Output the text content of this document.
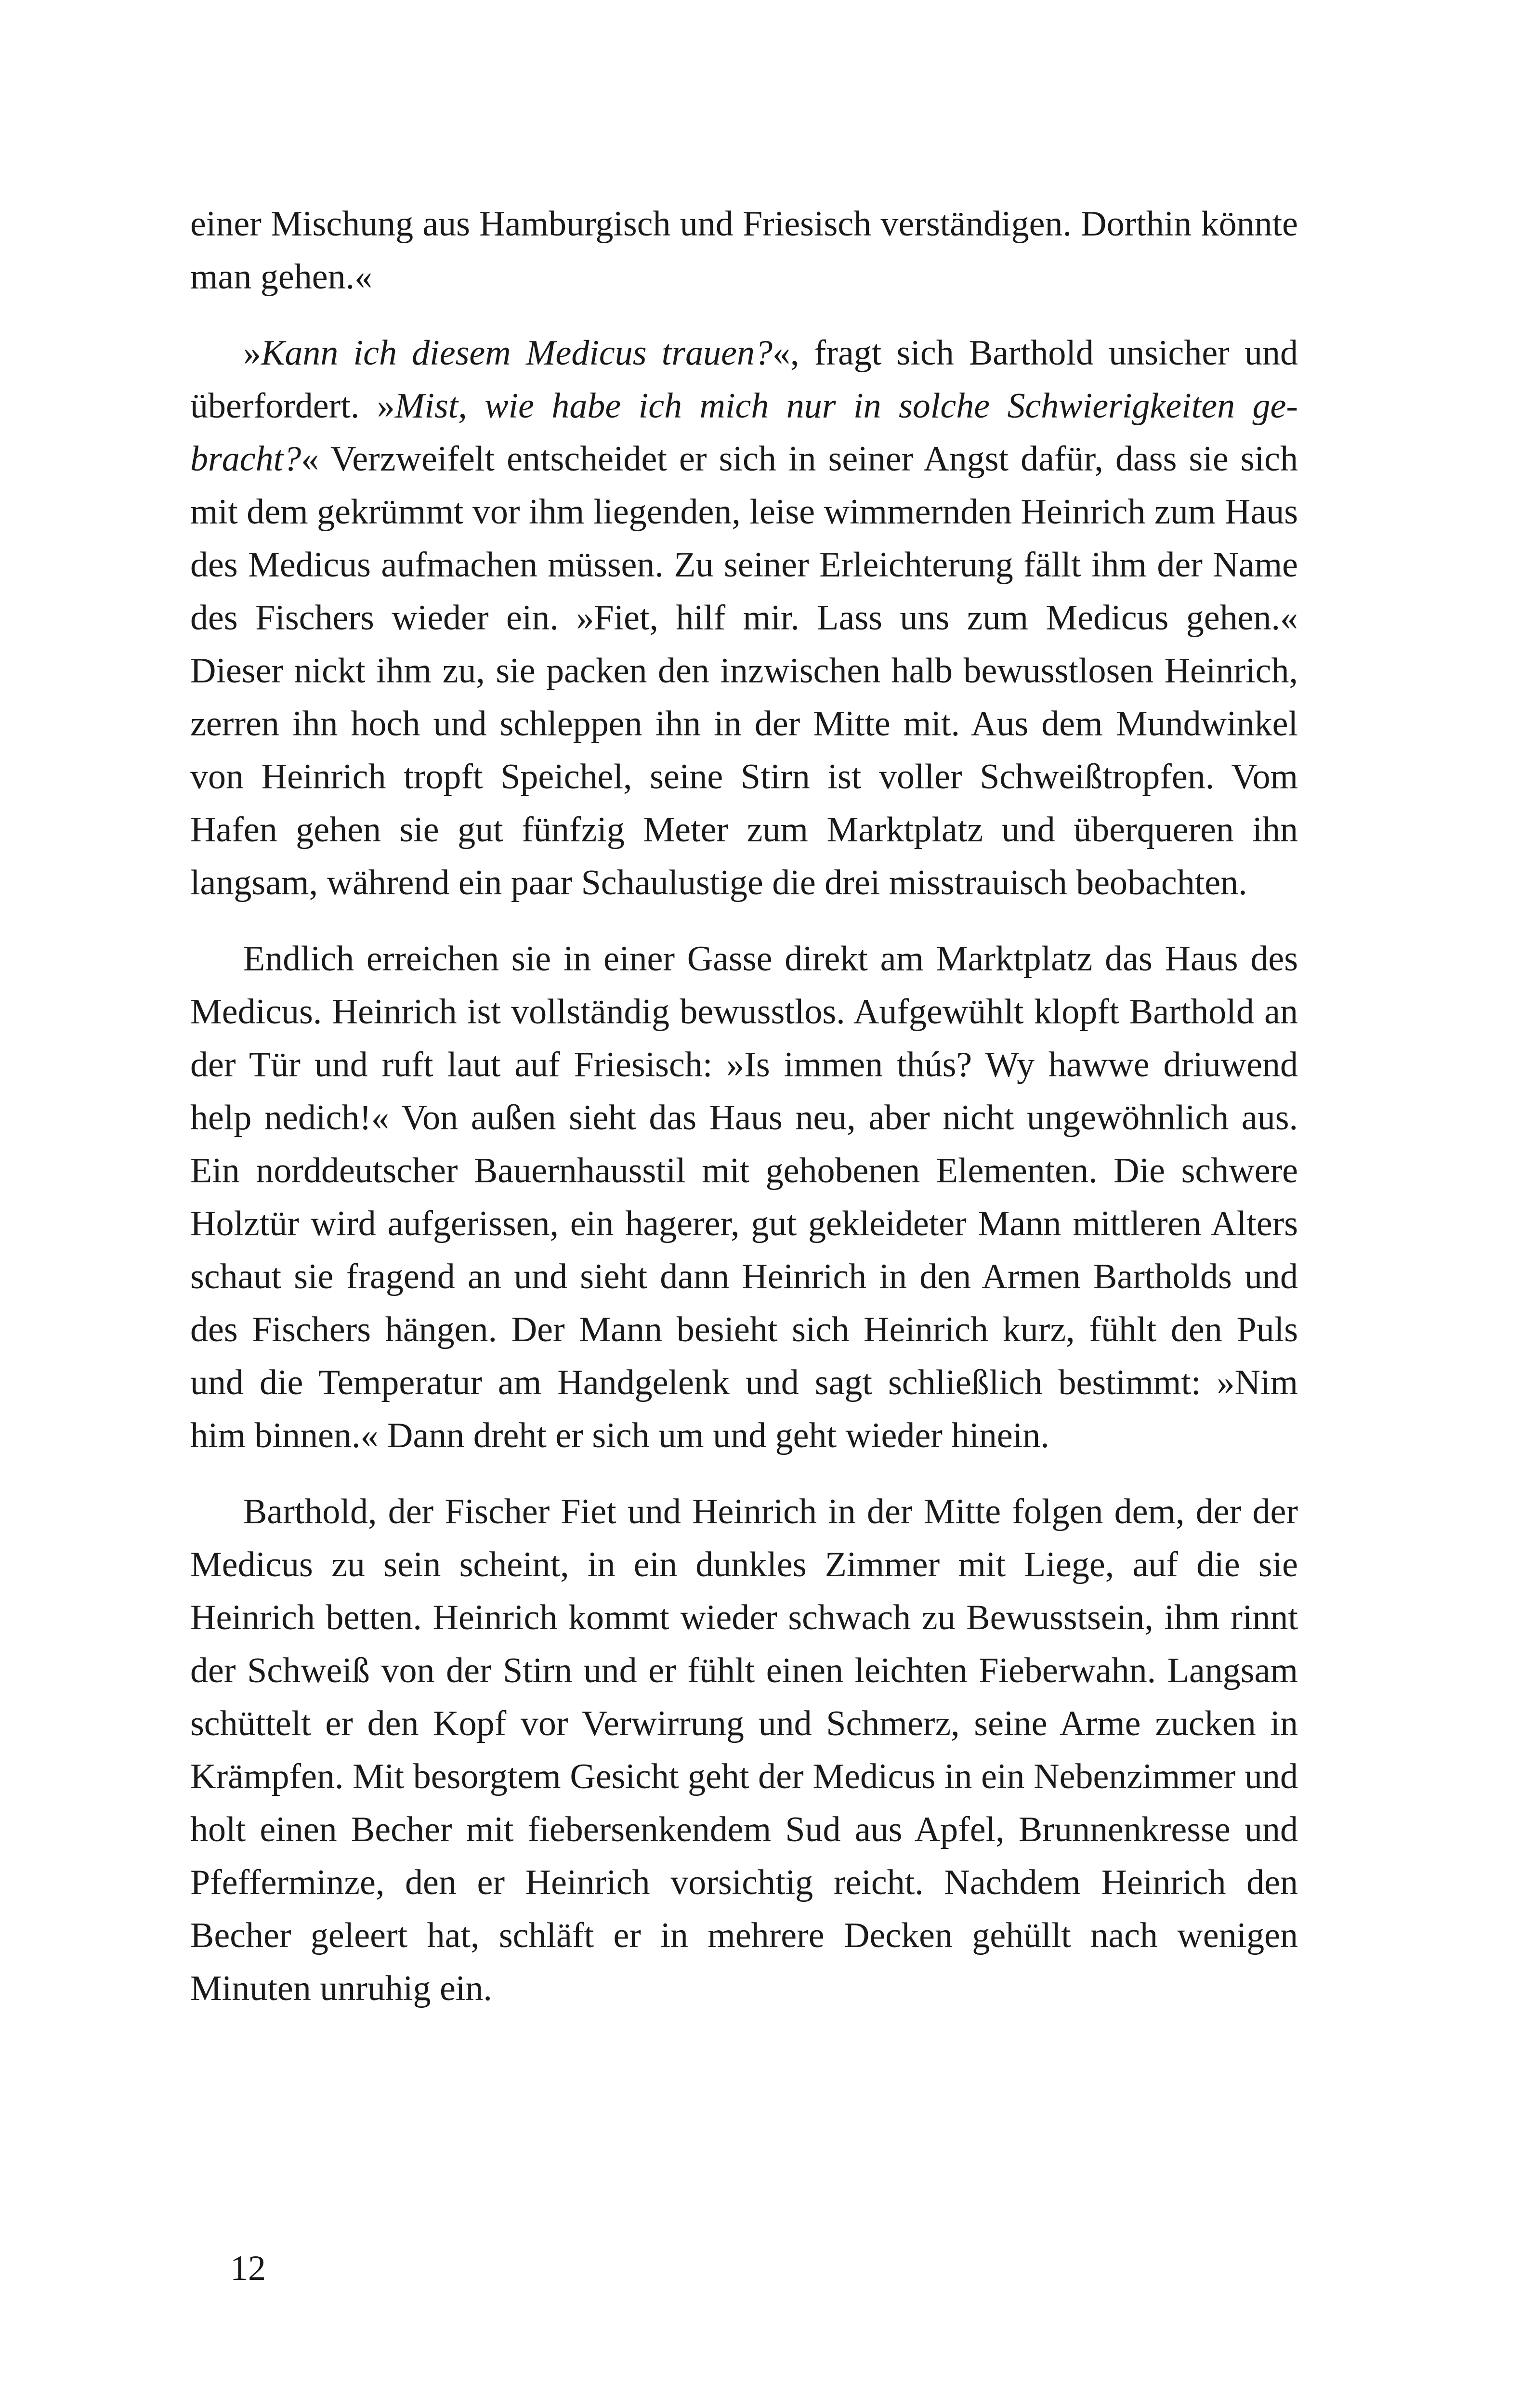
einer Mischung aus Hamburgisch und Friesisch verständigen. Dorthin könnte man gehen.«

»Kann ich diesem Medicus trauen?«, fragt sich Barthold unsicher und überfordert. »Mist, wie habe ich mich nur in solche Schwierigkeiten gebracht?« Verzweifelt entscheidet er sich in seiner Angst dafür, dass sie sich mit dem gekrümmt vor ihm liegenden, leise wimmernden Heinrich zum Haus des Medicus aufmachen müssen. Zu seiner Erleichterung fällt ihm der Name des Fischers wieder ein. »Fiet, hilf mir. Lass uns zum Medicus gehen.« Dieser nickt ihm zu, sie packen den inzwischen halb bewusstlosen Heinrich, zerren ihn hoch und schleppen ihn in der Mitte mit. Aus dem Mundwinkel von Heinrich tropft Speichel, seine Stirn ist voller Schweißtropfen. Vom Hafen gehen sie gut fünfzig Meter zum Marktplatz und überqueren ihn langsam, während ein paar Schaulustige die drei misstrauisch beobachten.

Endlich erreichen sie in einer Gasse direkt am Marktplatz das Haus des Medicus. Heinrich ist vollständig bewusstlos. Aufgewühlt klopft Barthold an der Tür und ruft laut auf Friesisch: »Is immen thús? Wy hawwe driuwend help nedich!« Von außen sieht das Haus neu, aber nicht ungewöhnlich aus. Ein norddeutscher Bauernhausstil mit gehobenen Elementen. Die schwere Holztür wird aufgerissen, ein hagerer, gut gekleideter Mann mittleren Alters schaut sie fragend an und sieht dann Heinrich in den Armen Bartholds und des Fischers hängen. Der Mann besieht sich Heinrich kurz, fühlt den Puls und die Temperatur am Handgelenk und sagt schließlich bestimmt: »Nim him binnen.« Dann dreht er sich um und geht wieder hinein.

Barthold, der Fischer Fiet und Heinrich in der Mitte folgen dem, der der Medicus zu sein scheint, in ein dunkles Zimmer mit Liege, auf die sie Heinrich betten. Heinrich kommt wieder schwach zu Bewusstsein, ihm rinnt der Schweiß von der Stirn und er fühlt einen leichten Fieberwahn. Langsam schüttelt er den Kopf vor Verwirrung und Schmerz, seine Arme zucken in Krämpfen. Mit besorgtem Gesicht geht der Medicus in ein Nebenzimmer und holt einen Becher mit fiebersenkendem Sud aus Apfel, Brunnenkresse und Pfefferminze, den er Heinrich vorsichtig reicht. Nachdem Heinrich den Becher geleert hat, schläft er in mehrere Decken gehüllt nach wenigen Minuten unruhig ein.

12
